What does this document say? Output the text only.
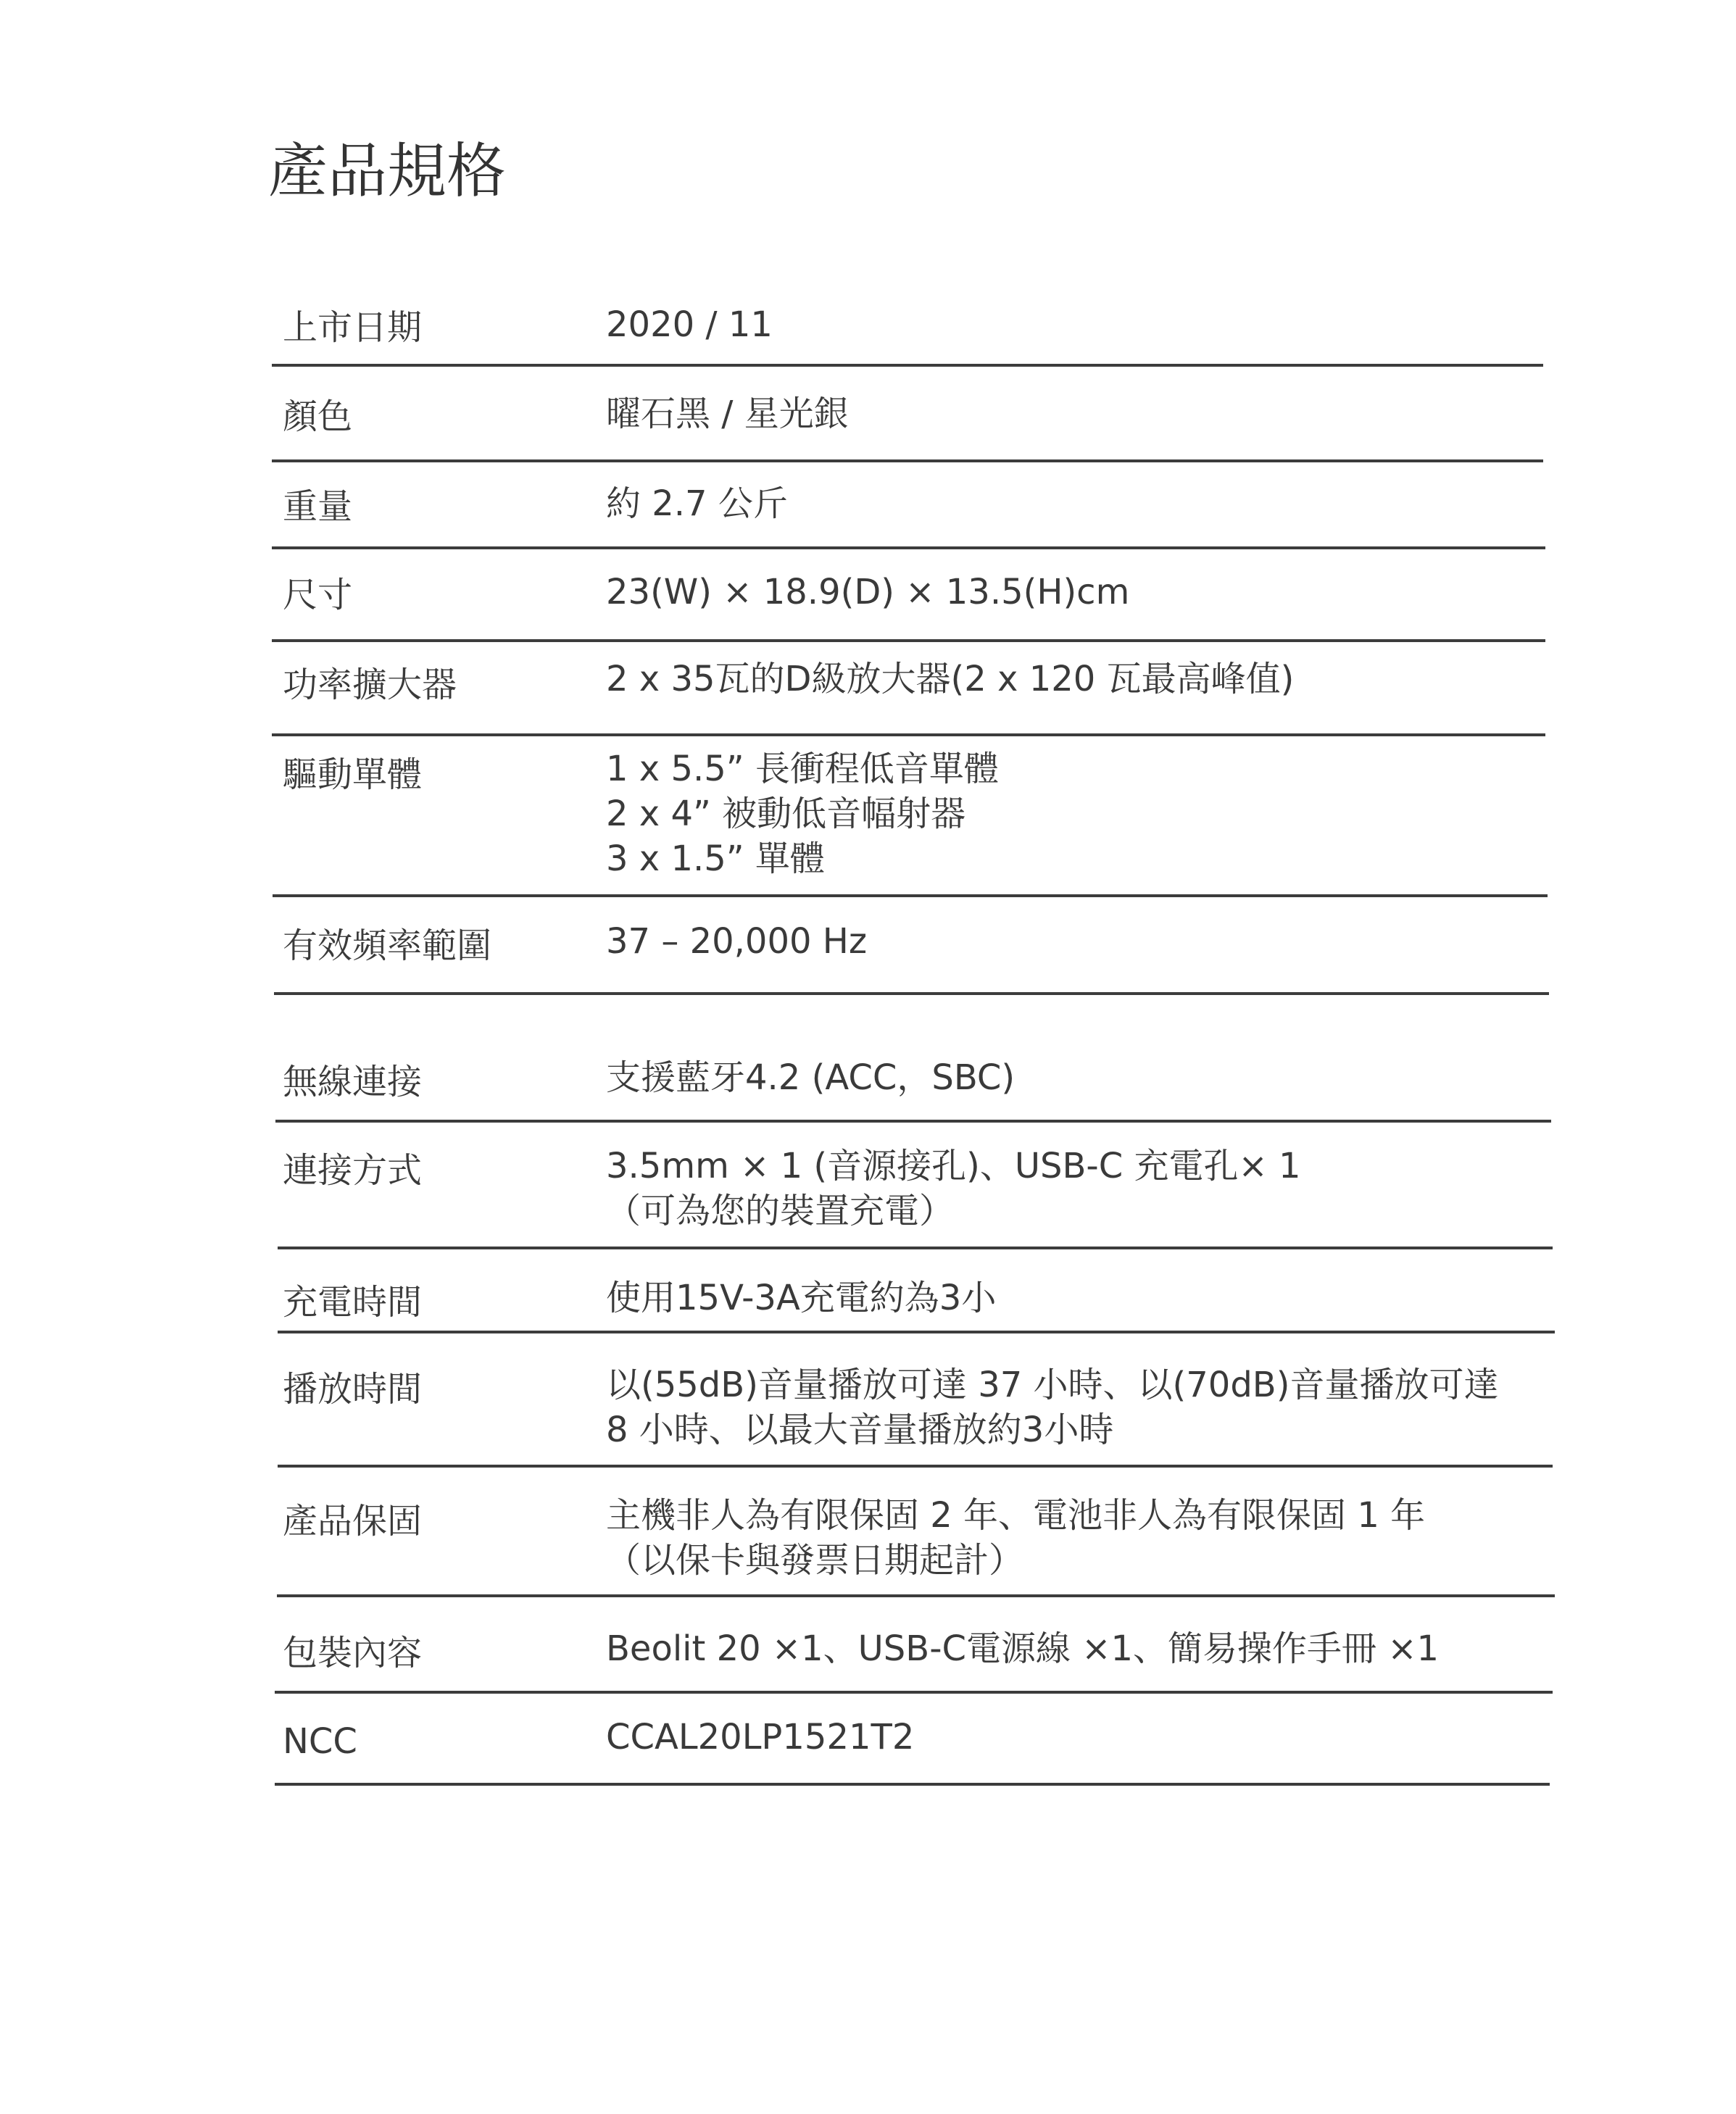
產品規格
上市日期	2020 / 11
顏色	曜石黑 / 星光銀
重量	約 2.7 公斤
尺寸	23(W) × 18.9(D) × 13.5(H)cm
功率擴大器	2 x 35瓦的D級放大器(2 x 120 瓦最高峰值)
驅動單體	1 x 5.5” 長衝程低音單體
2 x 4” 被動低音幅射器
3 x 1.5” 單體
有效頻率範圍	37 – 20,000 Hz
無線連接	支援藍牙4.2 (ACC，SBC)
連接方式	3.5mm × 1 (音源接孔)、USB-C 充電孔× 1
（可為您的裝置充電）
充電時間	使用15V-3A充電約為3小
播放時間	以(55dB)音量播放可達 37 小時、以(70dB)音量播放可達
8 小時、以最大音量播放約3小時
產品保固	主機非人為有限保固 2 年、電池非人為有限保固 1 年
（以保卡與發票日期起計）
包裝內容	Beolit 20 ×1、USB-C電源線 ×1、簡易操作手冊 ×1
NCC	CCAL20LP1521T2
